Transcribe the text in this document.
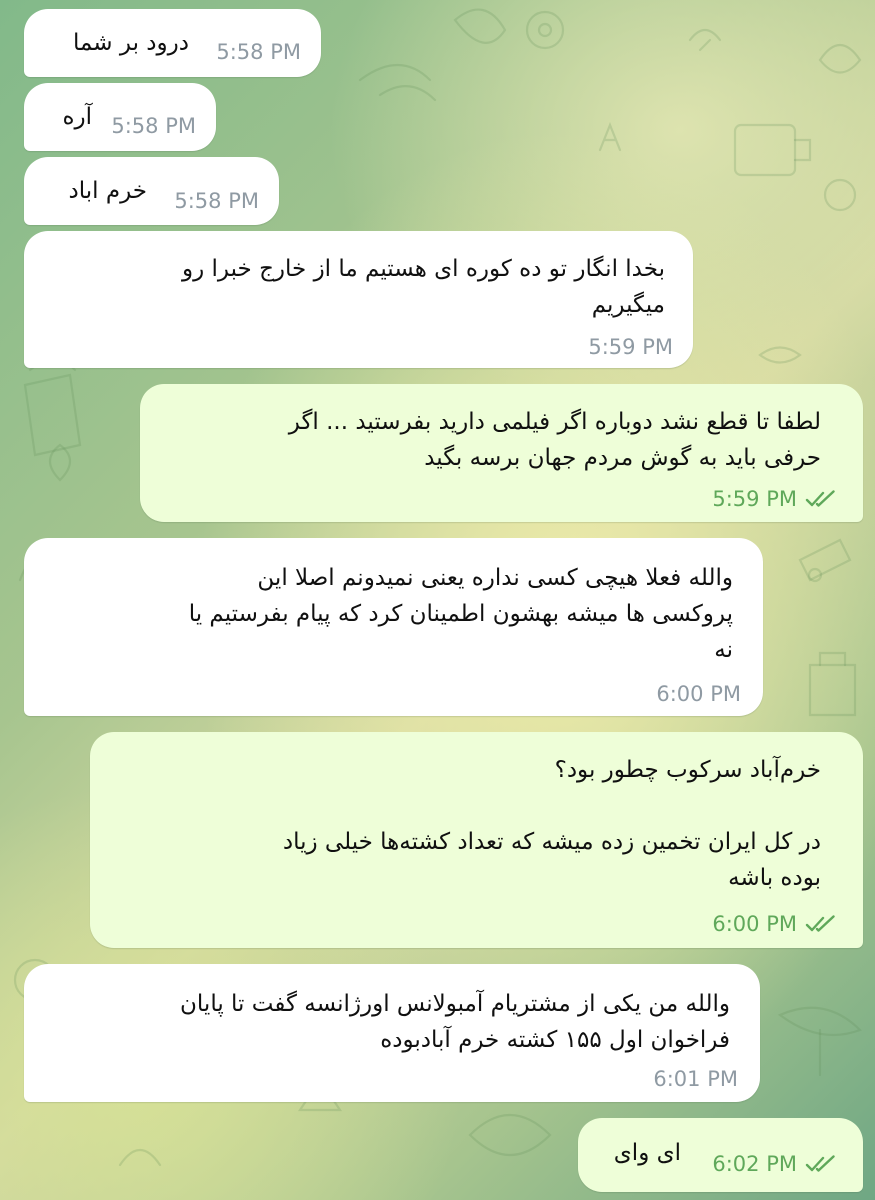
درود بر شما 5:58 PM
آره 5:58 PM
خرم اباد 5:58 PM
بخدا انگار تو ده کوره ای هستیم ما از خارج خبرا رو
میگیریم
5:59 PM
لطفا تا قطع نشد دوباره اگر فیلمی دارید بفرستید ... اگر
حرفی باید به گوش مردم جهان برسه بگید
5:59 PM
والله فعلا هیچی کسی نداره یعنی نمیدونم اصلا این
پروکسی ها میشه بهشون اطمینان کرد که پیام بفرستیم یا
نه
6:00 PM
خرم‌آباد سرکوب چطور بود؟

در کل ایران تخمین زده میشه که تعداد کشته‌ها خیلی زیاد
بوده باشه
6:00 PM
والله من یکی از مشتریام آمبولانس اورژانسه گفت تا پایان
فراخوان اول ۱۵۵ کشته خرم آبادبوده
6:01 PM
ای وای 6:02 PM
